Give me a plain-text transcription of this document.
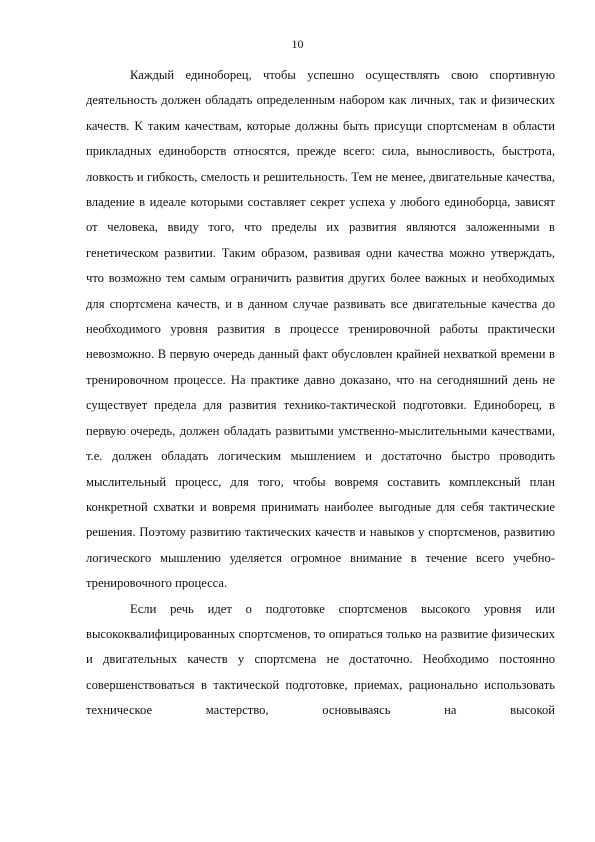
10

Каждый единоборец, чтобы успешно осуществлять свою спортивную деятельность должен обладать определенным набором как личных, так и физических качеств. К таким качествам, которые должны быть присущи спортсменам в области прикладных единоборств относятся, прежде всего: сила, выносливость, быстрота, ловкость и гибкость, смелость и решительность. Тем не менее, двигательные качества, владение в идеале которыми составляет секрет успеха у любого единоборца, зависят от человека, ввиду того, что пределы их развития являются заложенными в генетическом развитии. Таким образом, развивая одни качества можно утверждать, что возможно тем самым ограничить развития других более важных и необходимых для спортсмена качеств, и в данном случае развивать все двигательные качества до необходимого уровня развития в процессе тренировочной работы практически невозможно. В первую очередь данный факт обусловлен крайней нехваткой времени в тренировочном процессе. На практике давно доказано, что на сегодняшний день не существует предела для развития технико-тактической подготовки. Единоборец, в первую очередь, должен обладать развитыми умственно-мыслительными качествами, т.е. должен обладать логическим мышлением и достаточно быстро проводить мыслительный процесс, для того, чтобы вовремя составить комплексный план конкретной схватки и вовремя принимать наиболее выгодные для себя тактические решения. Поэтому развитию тактических качеств и навыков у спортсменов, развитию логического мышлению уделяется огромное внимание в течение всего учебно-тренировочного процесса.

Если речь идет о подготовке спортсменов высокого уровня или высококвалифицированных спортсменов, то опираться только на развитие физических и двигательных качеств у спортсмена не достаточно. Необходимо постоянно совершенствоваться в тактической подготовке, приемах, рационально использовать техническое мастерство, основываясь на высокой
